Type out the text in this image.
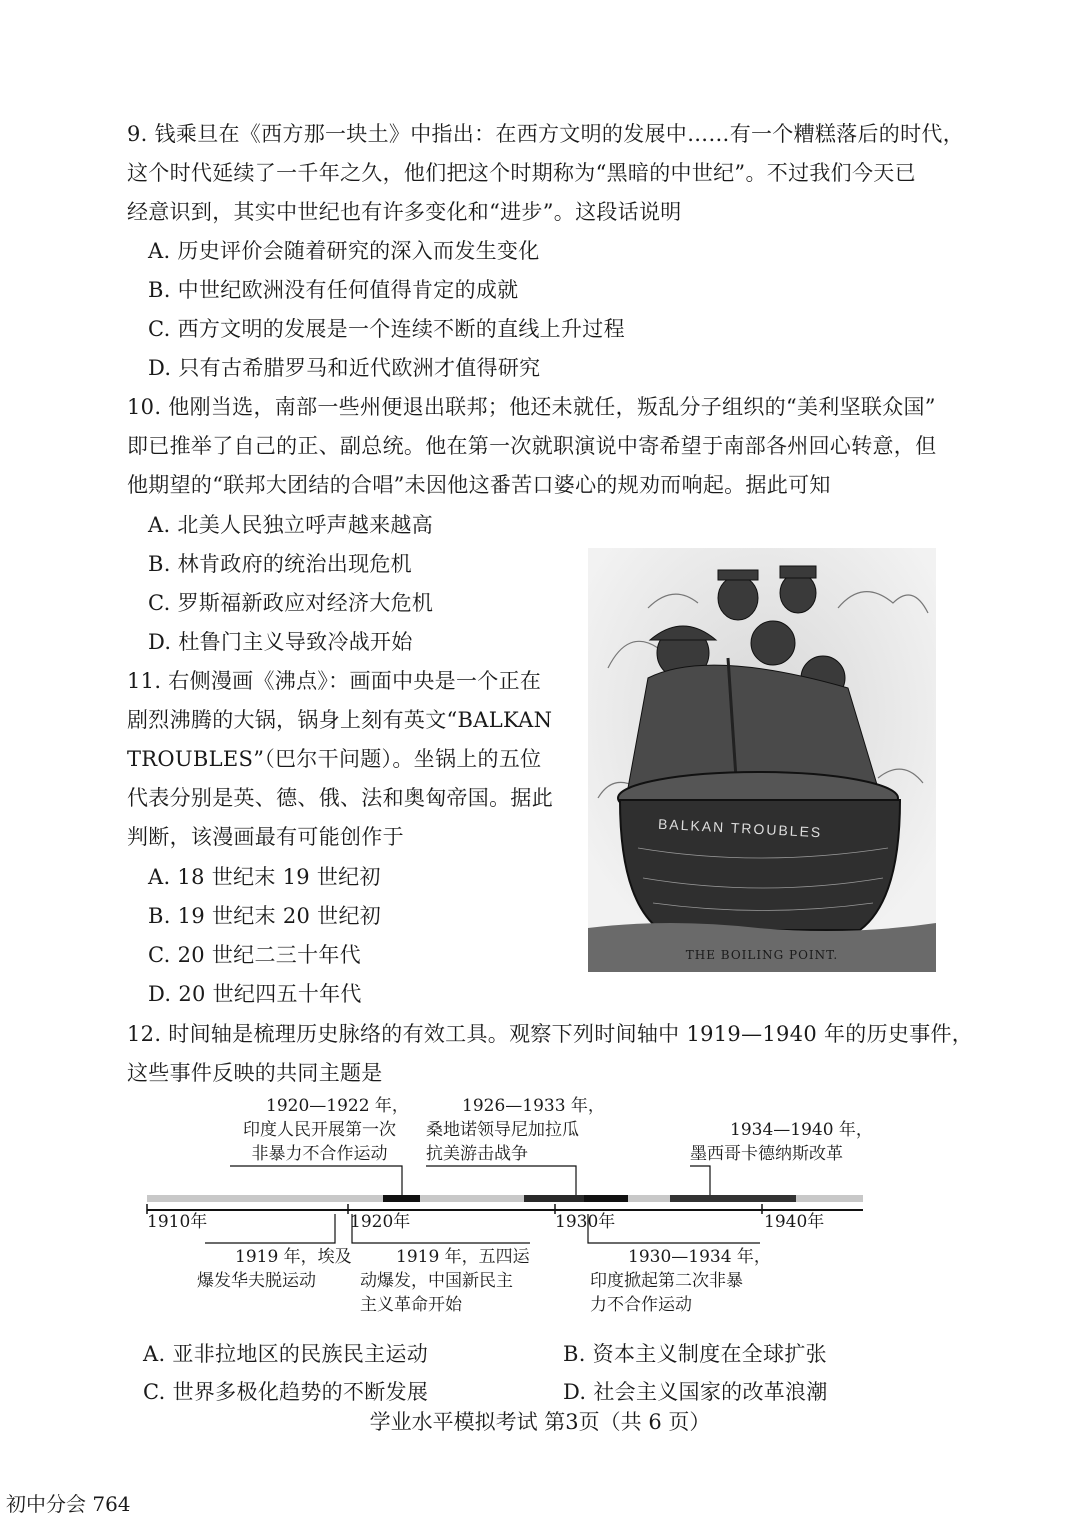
9. 钱乘旦在《西方那一块土》中指出：在西方文明的发展中……有一个糟糕落后的时代，
这个时代延续了一千年之久，他们把这个时期称为“黑暗的中世纪”。不过我们今天已
经意识到，其实中世纪也有许多变化和“进步”。这段话说明
A. 历史评价会随着研究的深入而发生变化
B. 中世纪欧洲没有任何值得肯定的成就
C. 西方文明的发展是一个连续不断的直线上升过程
D. 只有古希腊罗马和近代欧洲才值得研究
10. 他刚当选，南部一些州便退出联邦；他还未就任，叛乱分子组织的“美利坚联众国”
即已推举了自己的正、副总统。他在第一次就职演说中寄希望于南部各州回心转意，但
他期望的“联邦大团结的合唱”未因他这番苦口婆心的规劝而响起。据此可知
A. 北美人民独立呼声越来越高
B. 林肯政府的统治出现危机
C. 罗斯福新政应对经济大危机
D. 杜鲁门主义导致冷战开始
11. 右侧漫画《沸点》：画面中央是一个正在
剧烈沸腾的大锅，锅身上刻有英文“BALKAN
TROUBLES”（巴尔干问题）。坐锅上的五位
代表分别是英、德、俄、法和奥匈帝国。据此
判断，该漫画最有可能创作于
A. 18 世纪末 19 世纪初
B. 19 世纪末 20 世纪初
C. 20 世纪二三十年代
D. 20 世纪四五十年代
BALKAN TROUBLES
THE BOILING POINT.
12. 时间轴是梳理历史脉络的有效工具。观察下列时间轴中 1919—1940 年的历史事件，
这些事件反映的共同主题是
1910年	1920年	1930年	1940年
1920—1922 年，
印度人民开展第一次
非暴力不合作运动
1926—1933 年，
桑地诺领导尼加拉瓜
抗美游击战争
1934—1940 年，
墨西哥卡德纳斯改革
1919 年，埃及
爆发华夫脱运动
1919 年，五四运
动爆发，中国新民主
主义革命开始
1930—1934 年，
印度掀起第二次非暴
力不合作运动
A. 亚非拉地区的民族民主运动	B. 资本主义制度在全球扩张
C. 世界多极化趋势的不断发展	D. 社会主义国家的改革浪潮
学业水平模拟考试 第3页（共 6 页）
初中分会 764
